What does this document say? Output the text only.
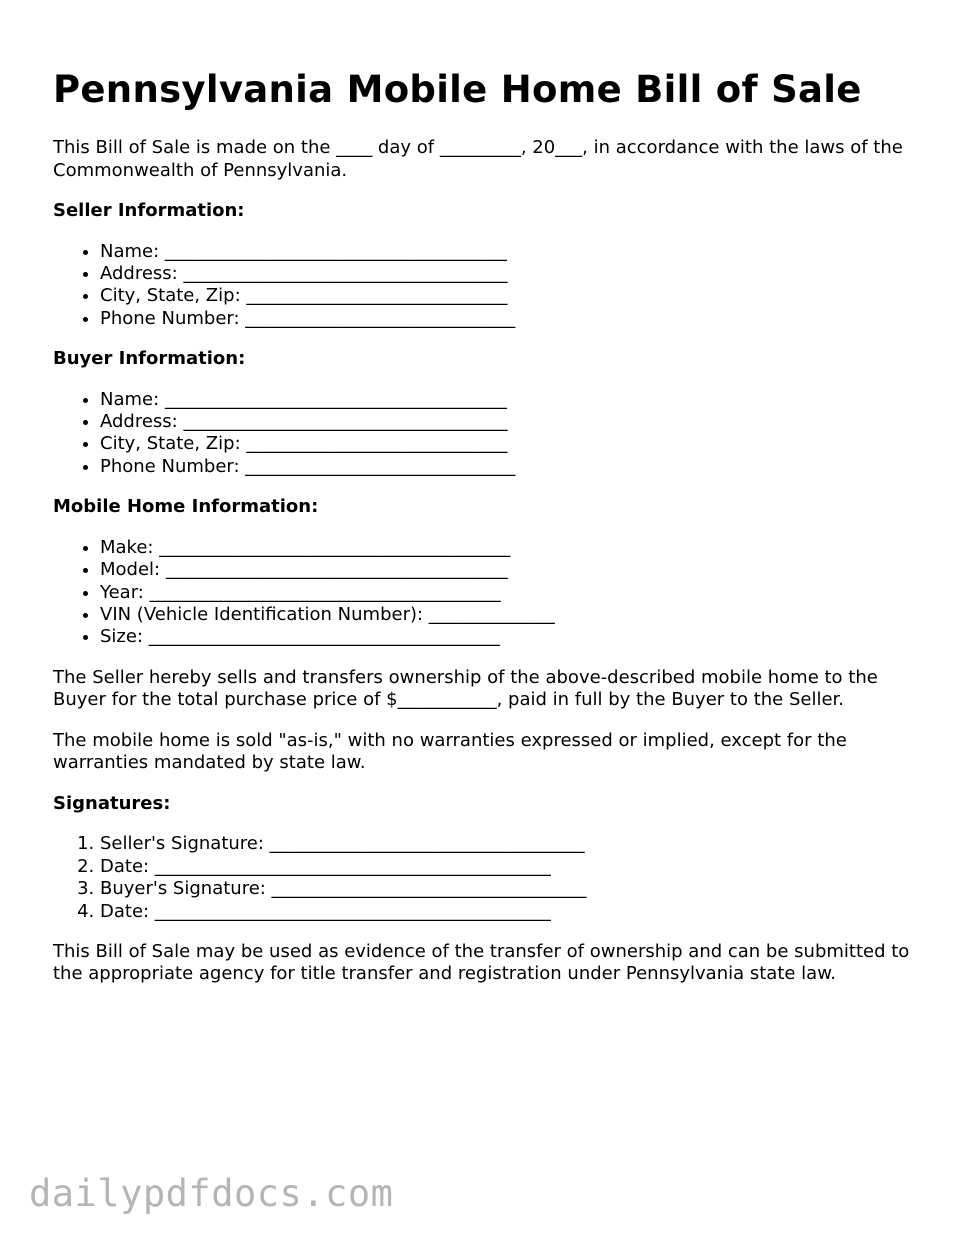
Pennsylvania Mobile Home Bill of Sale

This Bill of Sale is made on the ____ day of _________, 20___, in accordance with the laws of the Commonwealth of Pennsylvania.

Seller Information:
• Name: ______________________________________
• Address: ____________________________________
• City, State, Zip: _____________________________
• Phone Number: ______________________________
Buyer Information:
• Name: ______________________________________
• Address: ____________________________________
• City, State, Zip: _____________________________
• Phone Number: ______________________________
Mobile Home Information:
• Make: _______________________________________
• Model: ______________________________________
• Year: _______________________________________
• VIN (Vehicle Identification Number): ______________
• Size: _______________________________________

The Seller hereby sells and transfers ownership of the above-described mobile home to the Buyer for the total purchase price of $___________, paid in full by the Buyer to the Seller.

The mobile home is sold "as-is," with no warranties expressed or implied, except for the warranties mandated by state law.

Signatures:
1. Seller's Signature: ___________________________________
2. Date: ____________________________________________
3. Buyer's Signature: ___________________________________
4. Date: ____________________________________________

This Bill of Sale may be used as evidence of the transfer of ownership and can be submitted to the appropriate agency for title transfer and registration under Pennsylvania state law.

dailypdfdocs.com
